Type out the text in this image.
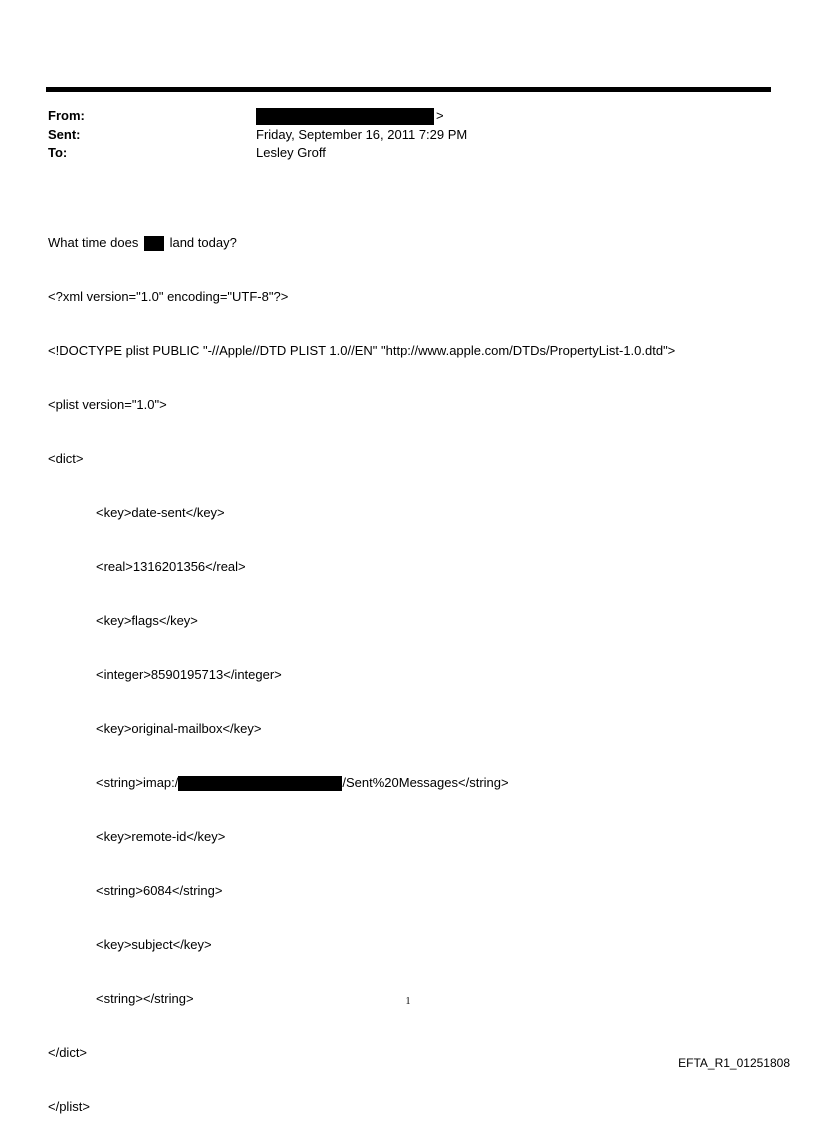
From:	>
Sent:	Friday, September 16, 2011 7:29 PM
To:	Lesley Groff

What time does land today?

<?xml version="1.0" encoding="UTF-8"?>

<!DOCTYPE plist PUBLIC "-//Apple//DTD PLIST 1.0//EN" "http://www.apple.com/DTDs/PropertyList-1.0.dtd">

<plist version="1.0">

<dict>

<key>date-sent</key>

<real>1316201356</real>

<key>flags</key>

<integer>8590195713</integer>

<key>original-mailbox</key>

<string>imap:/	/Sent%20Messages</string>

<key>remote-id</key>

<string>6084</string>

<key>subject</key>

<string></string>

</dict>

</plist>

1
EFTA_R1_01251808
